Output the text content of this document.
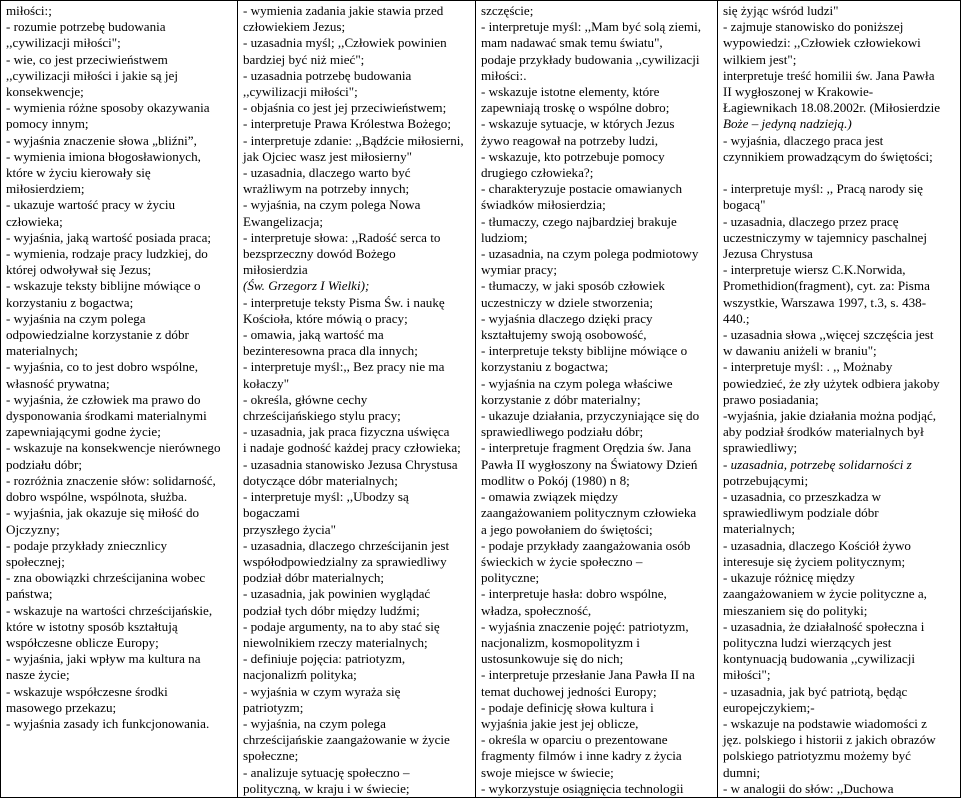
miłości:;
- rozumie potrzebę budowania
,,cywilizacji miłości";
- wie, co jest przeciwieństwem
,,cywilizacji miłości i jakie są jej
konsekwencje;
- wymienia różne sposoby okazywania
pomocy innym;
- wyjaśnia znaczenie słowa „bliźni”,
- wymienia imiona błogosławionych,
które w życiu kierowały się
miłosierdziem;
- ukazuje wartość pracy w życiu
człowieka;
- wyjaśnia, jaką wartość posiada praca;
- wymienia, rodzaje pracy ludzkiej, do
której odwoływał się Jezus;
- wskazuje teksty biblijne mówiące o
korzystaniu z bogactwa;
- wyjaśnia na czym polega
odpowiedzialne korzystanie z dóbr
materialnych;
- wyjaśnia, co to jest dobro wspólne,
własność prywatna;
- wyjaśnia, że człowiek ma prawo do
dysponowania środkami materialnymi
zapewniającymi godne życie;
- wskazuje na konsekwencje nierównego
podziału dóbr;
- rozróżnia znaczenie słów: solidarność,
dobro wspólne, wspólnota, służba.
- wyjaśnia, jak okazuje się miłość do
Ojczyzny;
- podaje przykłady zniecznlicy
społecznej;
- zna obowiązki chrześcijanina wobec
państwa;
- wskazuje na wartości chrześcijańskie,
które w istotny sposób kształtują
współczesne oblicze Europy;
- wyjaśnia, jaki wpływ ma kultura na
nasze życie;
- wskazuje współczesne środki
masowego przekazu;
- wyjaśnia zasady ich funkcjonowania.

- wymienia zadania jakie stawia przed
człowiekiem Jezus;
- uzasadnia myśl; ,,Człowiek powinien
bardziej być niż mieć";
- uzasadnia potrzebę budowania
,,cywilizacji miłości";
- objaśnia co jest jej przeciwieństwem;
- interpretuje Prawa Królestwa Bożego;
- interpretuje zdanie: ,,Bądźcie miłosierni,
jak Ojciec wasz jest miłosierny"
- uzasadnia, dlaczego warto być
wrażliwym na potrzeby innych;
- wyjaśnia, na czym polega Nowa
Ewangelizacja;
- interpretuje słowa: ,,Radość serca to
bezsprzeczny dowód Bożego
miłosierdzia
(Św. Grzegorz I Wielki);
- interpretuje teksty Pisma Św. i naukę
Kościoła, które mówią o pracy;
- omawia, jaką wartość ma
bezinteresowna praca dla innych;
- interpretuje myśl:,, Bez pracy nie ma
kołaczy"
- określa, główne cechy
chrześcijańskiego stylu pracy;
- uzasadnia, jak praca fizyczna uświęca
i nadaje godność każdej pracy człowieka;
- uzasadnia stanowisko Jezusa Chrystusa
dotyczące dóbr materialnych;
- interpretuje myśl: ,,Ubodzy są
bogaczami
przyszłego życia"
- uzasadnia, dlaczego chrześcijanin jest
współodpowiedzialny za sprawiedliwy
podział dóbr materialnych;
- uzasadnia, jak powinien wyglądać
podział tych dóbr między ludźmi;
- podaje argumenty, na to aby stać się
niewolnikiem rzeczy materialnych;
- definiuje pojęcia: patriotyzm,
nacjonalizḿ polityka;
- wyjaśnia w czym wyraża się
patriotyzm;
- wyjaśnia, na czym polega
chrześcijańskie zaangażowanie w życie
społeczne;
- analizuje sytuację społeczno –
polityczną, w kraju i w świecie;

szczęście;
- interpretuje myśl: ,,Mam być solą ziemi,
mam nadawać smak temu światu",
podaje przykłady budowania ,,cywilizacji
miłości:.
- wskazuje istotne elementy, które
zapewniają troskę o wspólne dobro;
- wskazuje sytuacje, w których Jezus
żywo reagował na potrzeby ludzi,
- wskazuje, kto potrzebuje pomocy
drugiego człowieka?;
- charakteryzuje postacie omawianych
świadków miłosierdzia;
- tłumaczy, czego najbardziej brakuje
ludziom;
- uzasadnia, na czym polega podmiotowy
wymiar pracy;
- tłumaczy, w jaki sposób człowiek
uczestniczy w dziele stworzenia;
- wyjaśnia dlaczego dzięki pracy
kształtujemy swoją osobowość,
- interpretuje teksty biblijne mówiące o
korzystaniu z bogactwa;
- wyjaśnia na czym polega właściwe
korzystanie z dóbr materialny;
- ukazuje działania, przyczyniające się do
sprawiedliwego podziału dóbr;
- interpretuje fragment Orędzia św. Jana
Pawła II wygłoszony na Światowy Dzień
modlitw o Pokój (1980) n 8;
- omawia związek między
zaangażowaniem politycznym człowieka
a jego powołaniem do świętości;
- podaje przykłady zaangażowania osób
świeckich w życie społeczno –
polityczne;
- interpretuje hasła: dobro wspólne,
władza, społeczność,
- wyjaśnia znaczenie pojęć: patriotyzm,
nacjonalizm, kosmopolityzm i
ustosunkowuje się do nich;
- interpretuje przesłanie Jana Pawła II na
temat duchowej jedności Europy;
- podaje definicję słowa kultura i
wyjaśnia jakie jest jej oblicze,
- określa w oparciu o prezentowane
fragmenty filmów i inne kadry z życia
swoje miejsce w świecie;
- wykorzystuje osiągnięcia technologii

się żyjąc wśród ludzi"
- zajmuje stanowisko do poniższej
wypowiedzi: ,,Człowiek człowiekowi
wilkiem jest";
interpretuje treść homilii św. Jana Pawła
II wygłoszonej w Krakowie-
Łagiewnikach 18.08.2002r. (Miłosierdzie
Boże – jedyną nadzieją.)
- wyjaśnia, dlaczego praca jest
czynnikiem prowadzącym do świętości;
- interpretuje myśl: ,, Pracą narody się
bogacą"
- uzasadnia, dlaczego przez pracę
uczestniczymy w tajemnicy paschalnej
Jezusa Chrystusa
- interpretuje wiersz C.K.Norwida,
Promethidion(fragment), cyt. za: Pisma
wszystkie, Warszawa 1997, t.3, s. 438-
440.;
- uzasadnia słowa ,,więcej szczęścia jest
w dawaniu aniżeli w braniu";
- interpretuje myśl: . ,, Możnaby
powiedzieć, że zły użytek odbiera jakoby
prawo posiadania;
-wyjaśnia, jakie działania można podjąć,
aby podział środków materialnych był
sprawiedliwy;
- uzasadnia, potrzebę solidarności z
potrzebującymi;
- uzasadnia, co przeszkadza w
sprawiedliwym podziale dóbr
materialnych;
- uzasadnia, dlaczego Kościół żywo
interesuje się życiem politycznym;
- ukazuje różnicę między
zaangażowaniem w życie polityczne a,
mieszaniem się do polityki;
- uzasadnia, że działalność społeczna i
polityczna ludzi wierzących jest
kontynuacją budowania ,,cywilizacji
miłości";
- uzasadnia, jak być patriotą, będąc
europejczykiem;-
- wskazuje na podstawie wiadomości z
jęz. polskiego i historii z jakich obrazów
polskiego patriotyzmu możemy być
dumni;
- w analogii do słów: ,,Duchowa
